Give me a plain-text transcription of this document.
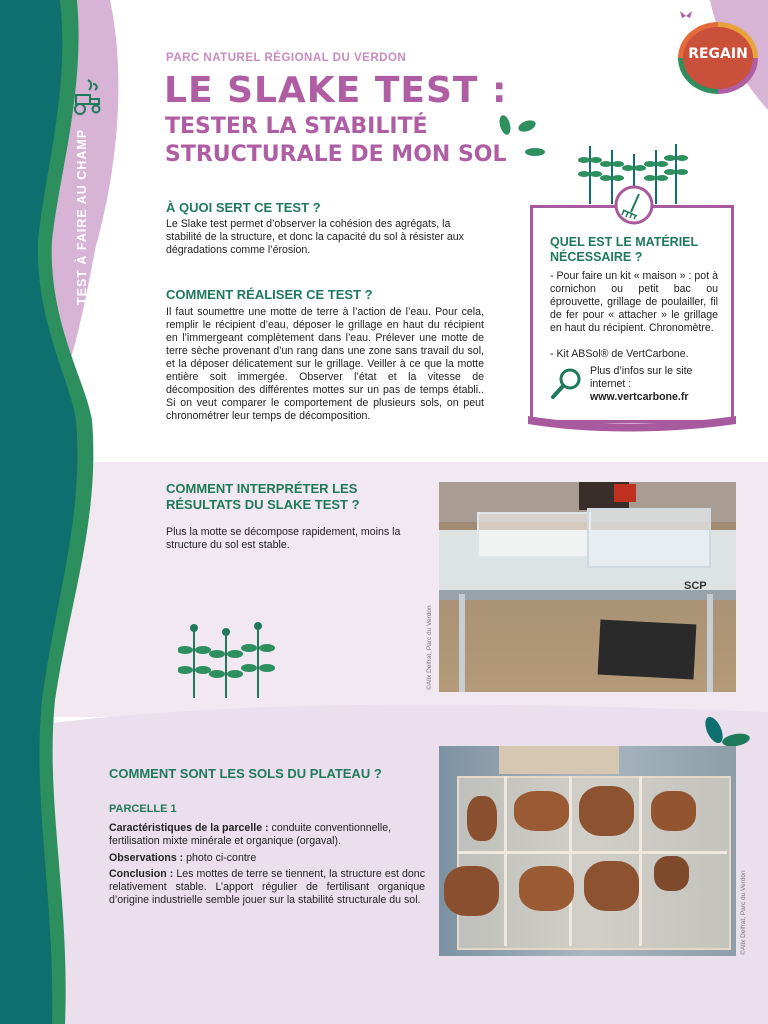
TEST À FAIRE AU CHAMP
REGAIN
PARC NATUREL RÉGIONAL DU VERDON
LE SLAKE TEST :
TESTER LA STABILITÉ
STRUCTURALE DE MON SOL
À QUOI SERT CE TEST ?
Le Slake test permet d’observer la cohésion des agrégats, la stabilité de la structure, et donc la capacité du sol à résister aux dégradations comme l’érosion.
COMMENT RÉALISER CE TEST ?
Il faut soumettre une motte de terre à l’action de l’eau. Pour cela, remplir le récipient d’eau, déposer le grillage en haut du récipient en l’immergeant complètement dans l’eau. Prélever une motte de terre sèche provenant d’un rang dans une zone sans travail du sol, et la déposer délicatement sur le grillage. Veiller à ce que la motte entière soit immergée. Observer l’état et la vitesse de décomposition des différentes mottes sur un pas de temps établi.. Si on veut comparer le comportement de plusieurs sols, on peut chronométrer leur temps de décomposition.
QUEL EST LE MATÉRIEL NÉCESSAIRE ?
- Pour faire un kit « maison » : pot à cornichon ou petit bac ou éprouvette, grillage de poulailler, fil de fer pour « attacher » le grillage en haut du récipient. Chronomètre.
- Kit ABSol® de VertCarbone.
Plus d’infos sur le site internet :
www.vertcarbone.fr
COMMENT INTERPRÉTER LES RÉSULTATS DU SLAKE TEST ?
Plus la motte se décompose rapidement, moins la structure du sol est stable.
SCP
©Alix Delfrat, Parc du Verdon
COMMENT SONT LES SOLS DU PLATEAU ?
PARCELLE 1
Caractéristiques de la parcelle : conduite conventionnelle, fertilisation mixte minérale et organique (orgaval).
Observations : photo ci-contre
Conclusion : Les mottes de terre se tiennent, la structure est donc relativement stable. L’apport régulier de fertilisant organique d’origine industrielle semble jouer sur la stabilité structurale du sol.	©Alix Delfrat, Parc du Verdon
